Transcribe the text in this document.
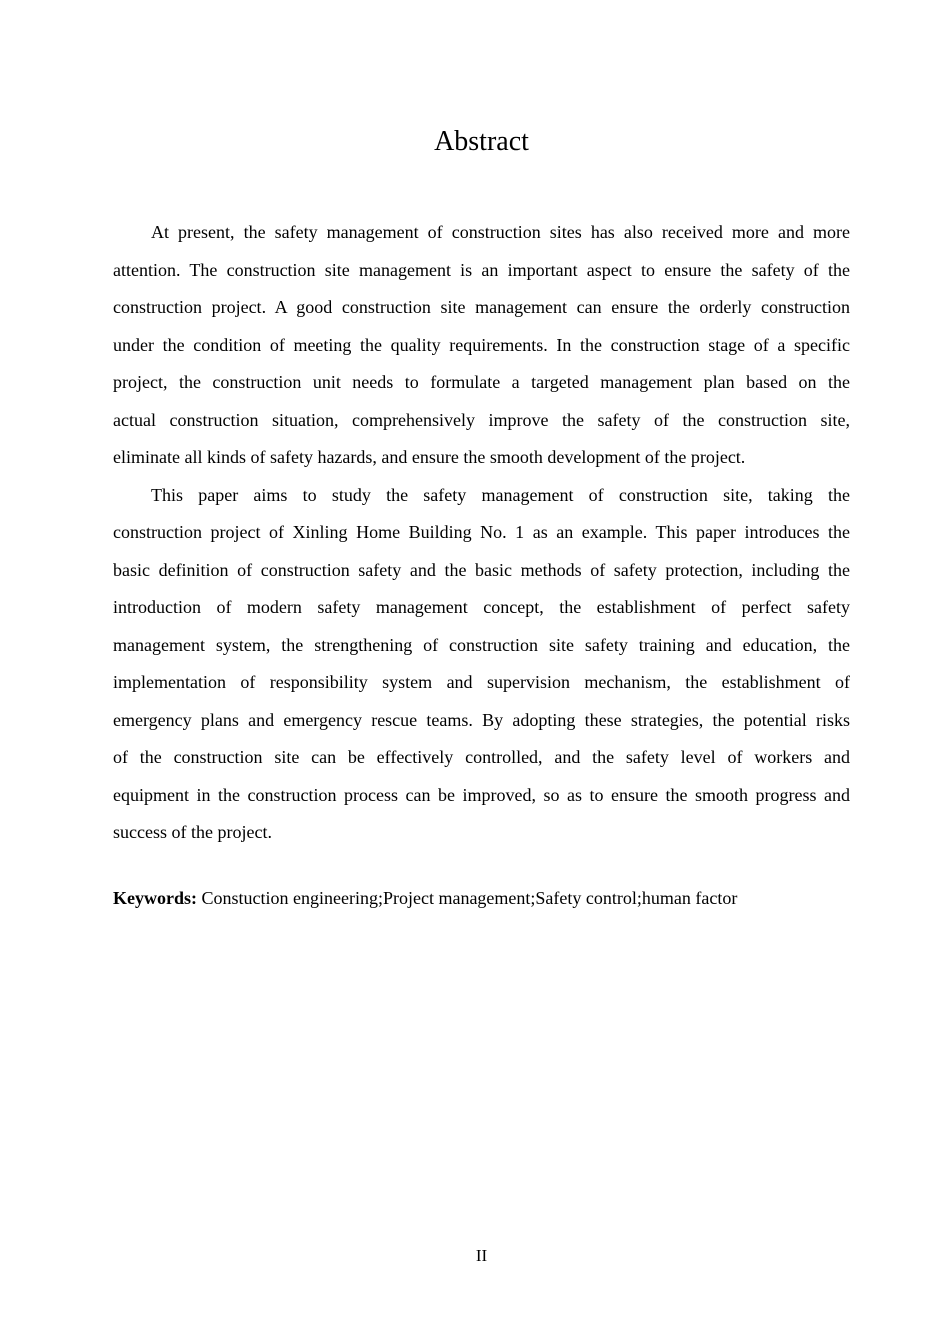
Abstract
At present, the safety management of construction sites has also received more and more
attention. The construction site management is an important aspect to ensure the safety of the
construction project. A good construction site management can ensure the orderly construction
under the condition of meeting the quality requirements. In the construction stage of a specific
project, the construction unit needs to formulate a targeted management plan based on the
actual construction situation, comprehensively improve the safety of the construction site,
eliminate all kinds of safety hazards, and ensure the smooth development of the project.
This paper aims to study the safety management of construction site, taking the
construction project of Xinling Home Building No. 1 as an example. This paper introduces the
basic definition of construction safety and the basic methods of safety protection, including the
introduction of modern safety management concept, the establishment of perfect safety
management system, the strengthening of construction site safety training and education, the
implementation of responsibility system and supervision mechanism, the establishment of
emergency plans and emergency rescue teams. By adopting these strategies, the potential risks
of the construction site can be effectively controlled, and the safety level of workers and
equipment in the construction process can be improved, so as to ensure the smooth progress and
success of the project.

Keywords: Constuction engineering;Project management;Safety control;human factor

II
